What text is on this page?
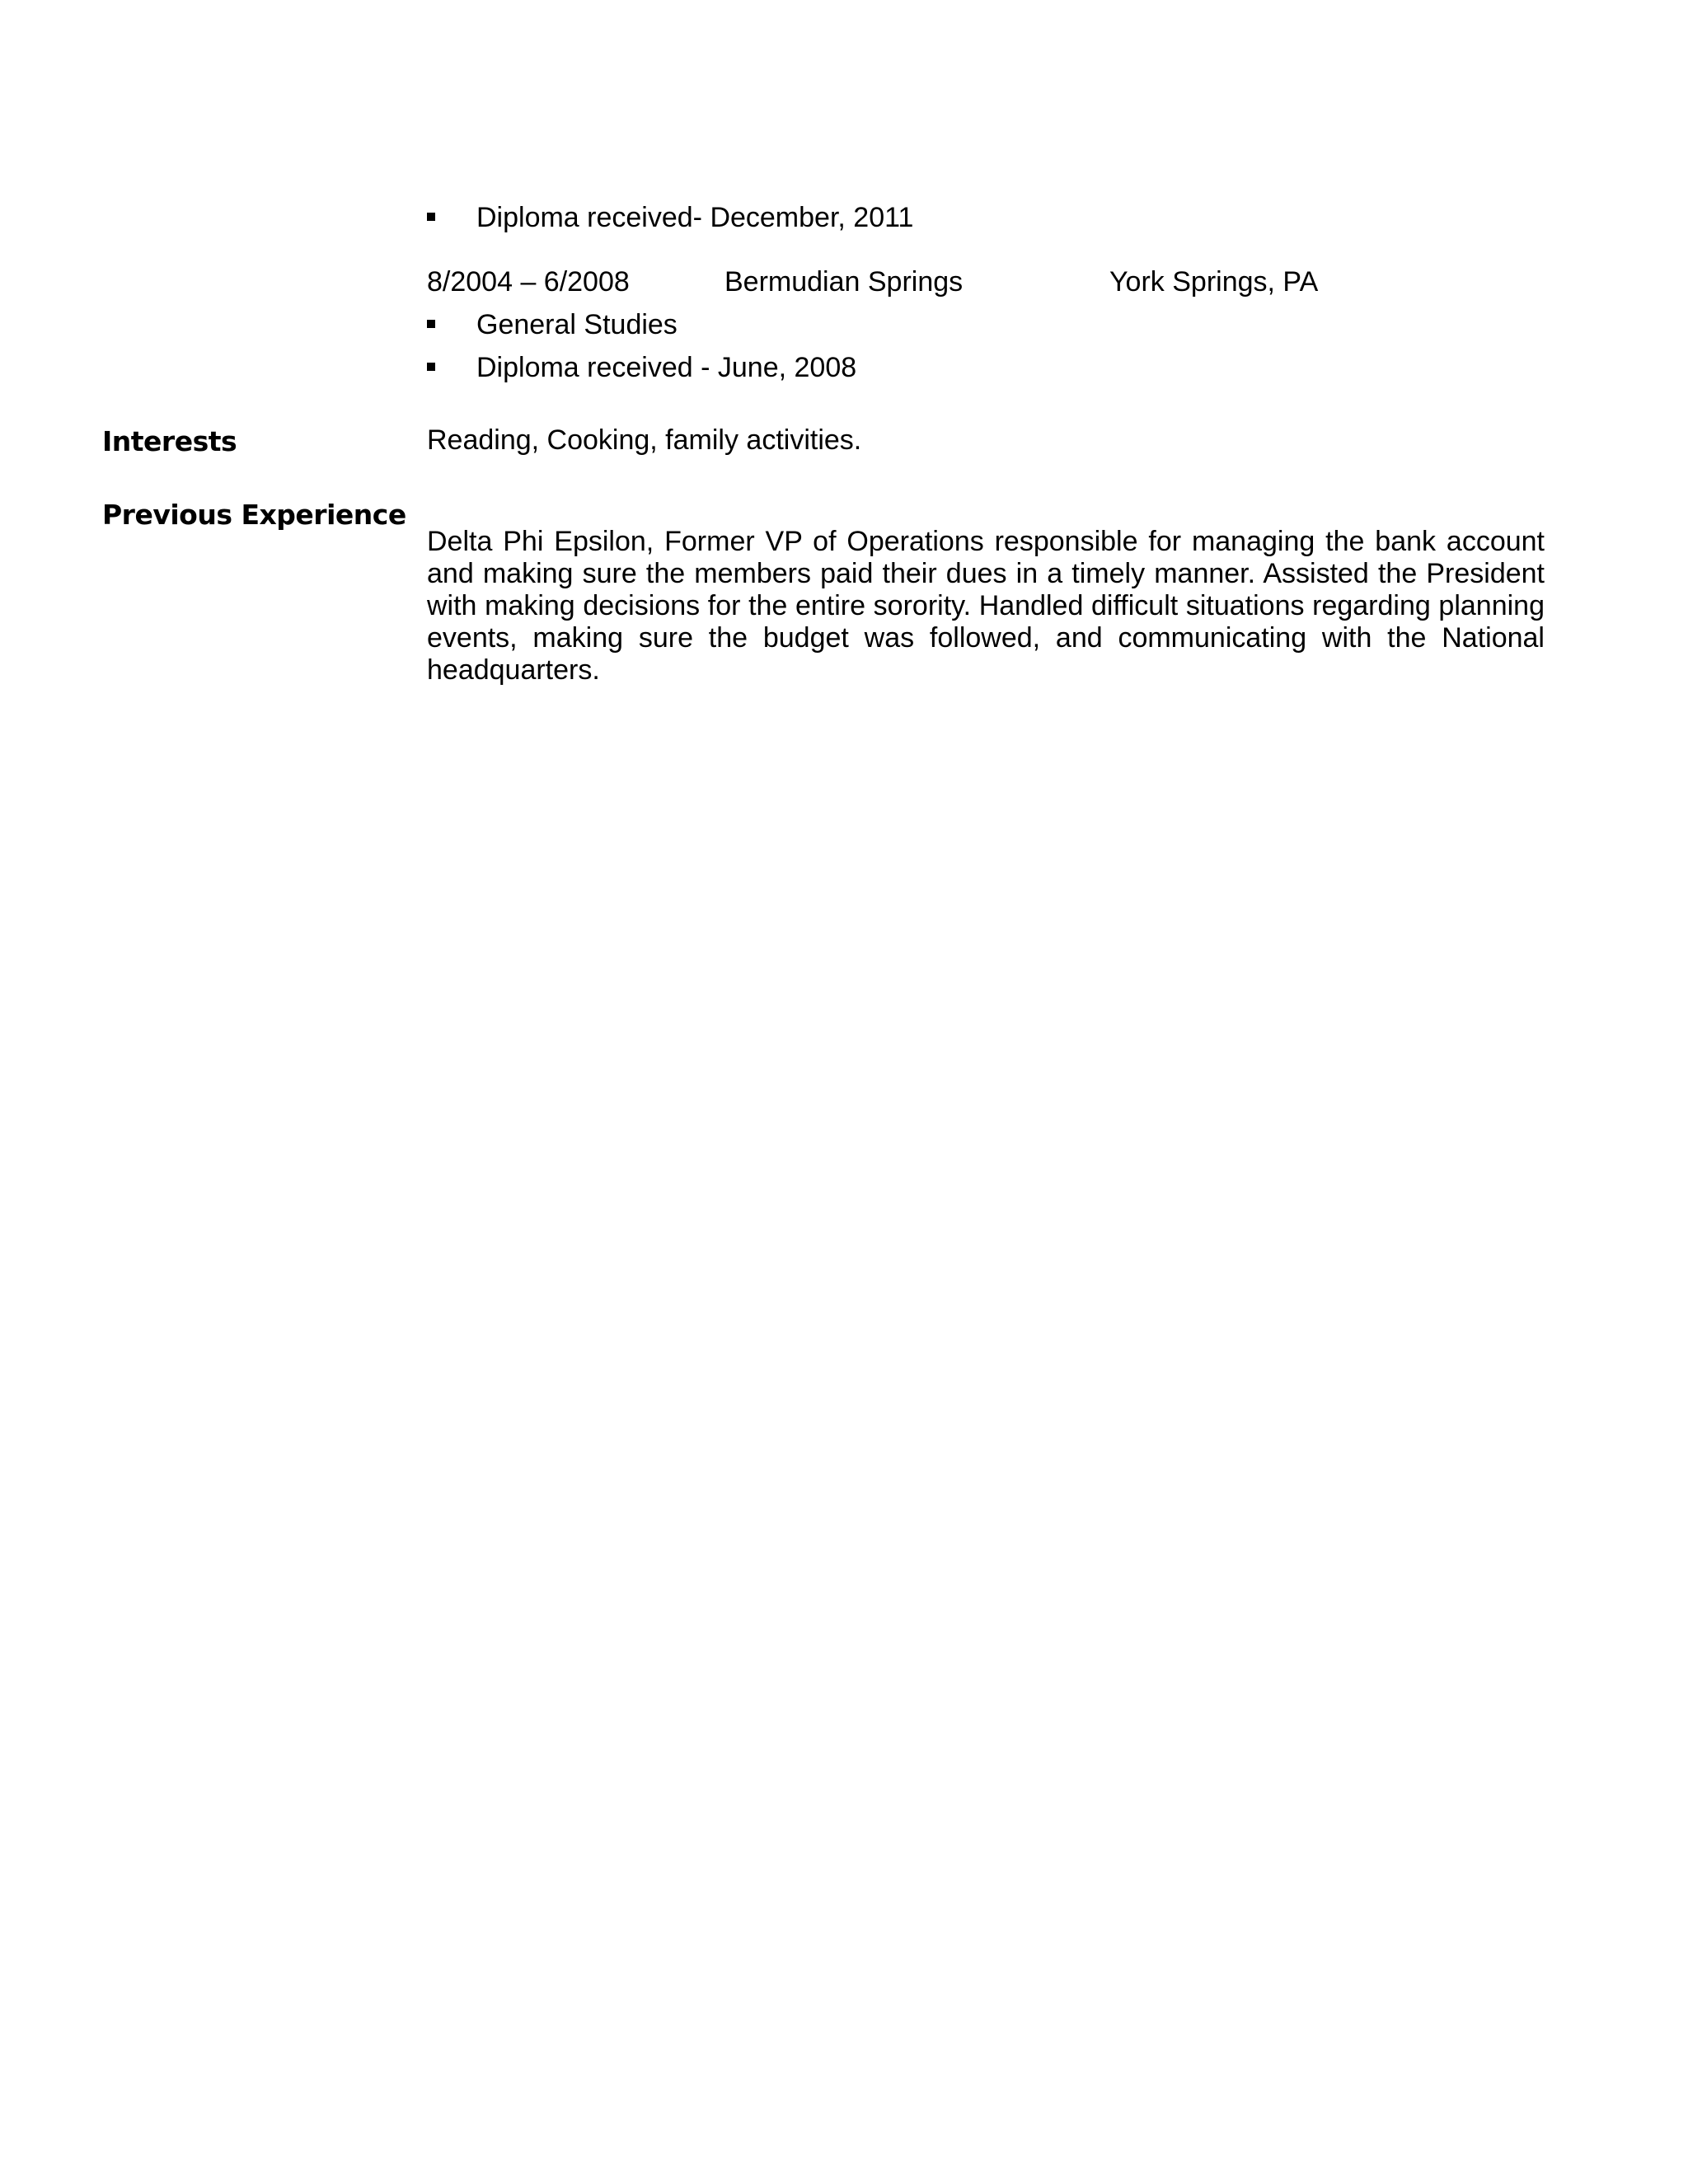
Diploma received- December, 2011
8/2004 – 6/2008	Bermudian Springs	York Springs, PA
General Studies
Diploma received - June, 2008
Interests	Reading, Cooking, family activities.
Previous Experience
Delta Phi Epsilon, Former VP of Operations responsible for managing the bank account and making sure the members paid their dues in a timely manner. Assisted the President with making decisions for the entire sorority. Handled difficult situations regarding planning events, making sure the budget was followed, and communicating with the National headquarters.
